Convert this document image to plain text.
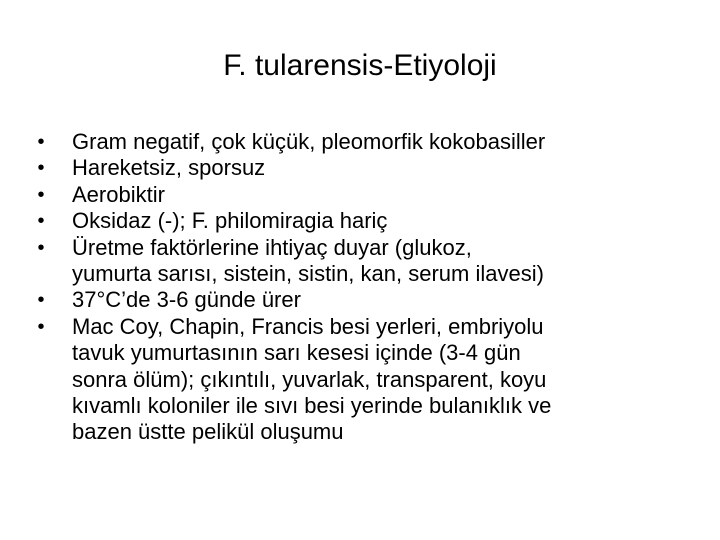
F. tularensis-Etiyoloji
• Gram negatif, çok küçük, pleomorfik kokobasiller
• Hareketsiz, sporsuz
• Aerobiktir
• Oksidaz (-); F. philomiragia hariç
• Üretme faktörlerine ihtiyaç duyar (glukoz,
yumurta sarısı, sistein, sistin, kan, serum ilavesi)
• 37°C’de 3-6 günde ürer
• Mac Coy, Chapin, Francis besi yerleri, embriyolu
tavuk yumurtasının sarı kesesi içinde (3-4 gün
sonra ölüm); çıkıntılı, yuvarlak, transparent, koyu
kıvamlı koloniler ile sıvı besi yerinde bulanıklık ve
bazen üstte pelikül oluşumu
